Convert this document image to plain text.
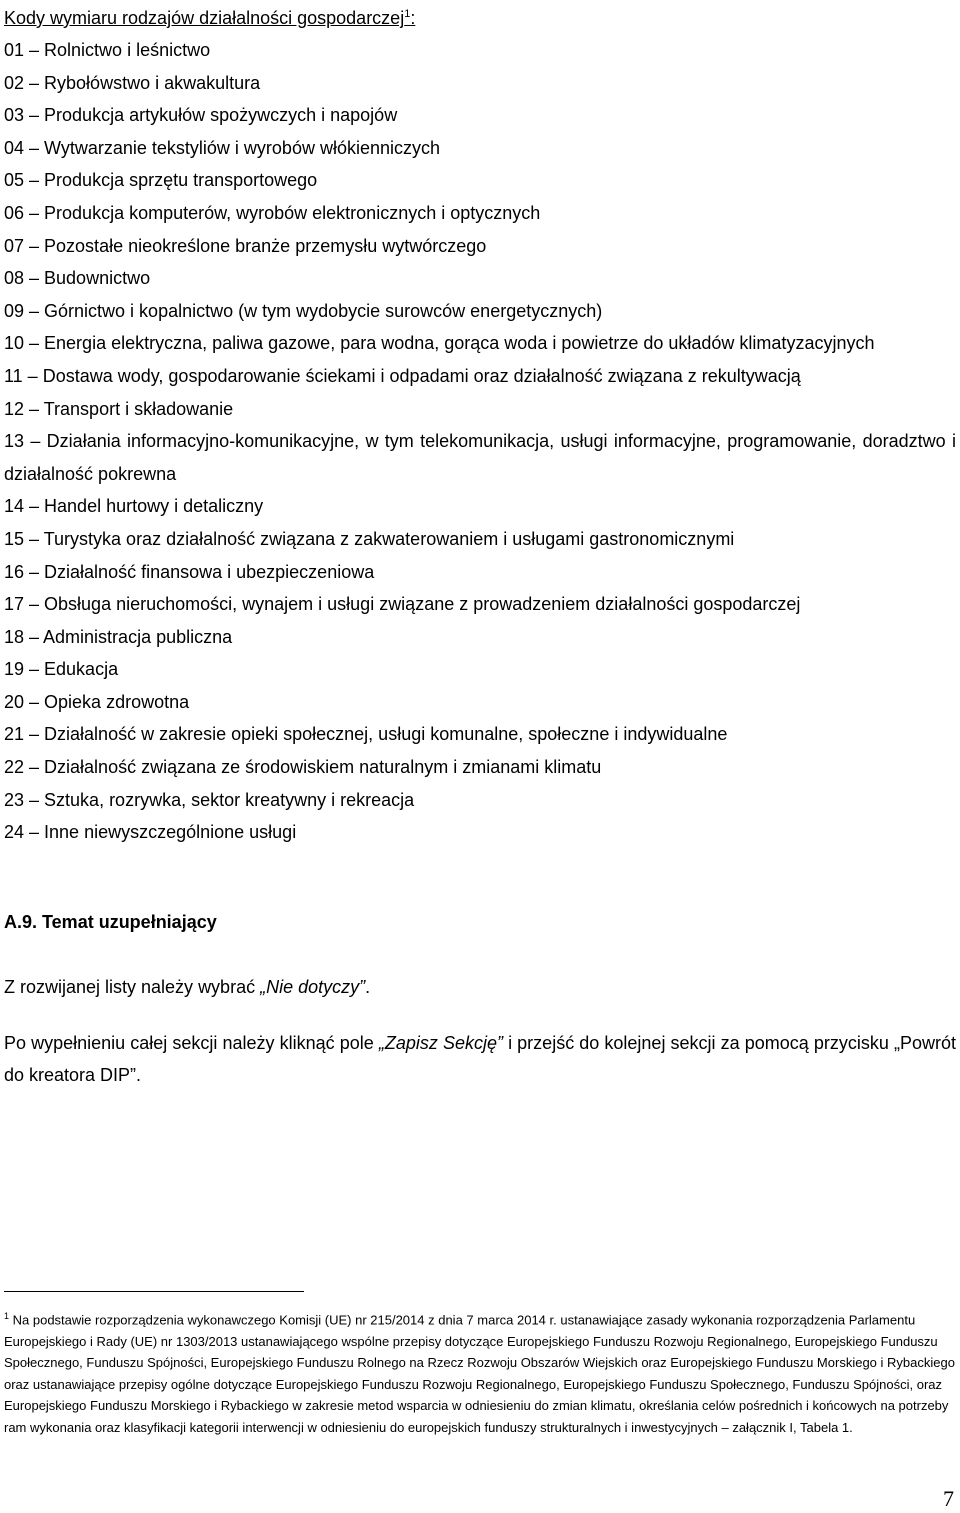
Kody wymiaru rodzajów działalności gospodarczej$^1$:
01 – Rolnictwo i leśnictwo
02 – Rybołówstwo i akwakultura
03 – Produkcja artykułów spożywczych i napojów
04 – Wytwarzanie tekstyliów i wyrobów włókienniczych
05 – Produkcja sprzętu transportowego
06 – Produkcja komputerów, wyrobów elektronicznych i optycznych
07 – Pozostałe nieokreślone branże przemysłu wytwórczego
08 – Budownictwo
09 – Górnictwo i kopalnictwo (w tym wydobycie surowców energetycznych)
10 – Energia elektryczna, paliwa gazowe, para wodna, gorąca woda i powietrze do układów klimatyzacyjnych
11 – Dostawa wody, gospodarowanie ściekami i odpadami oraz działalność związana z rekultywacją
12 – Transport i składowanie
13 – Działania informacyjno-komunikacyjne, w tym telekomunikacja, usługi informacyjne, programowanie, doradztwo i działalność pokrewna
14 – Handel hurtowy i detaliczny
15 – Turystyka oraz działalność związana z zakwaterowaniem i usługami gastronomicznymi
16 – Działalność finansowa i ubezpieczeniowa
17 – Obsługa nieruchomości, wynajem i usługi związane z prowadzeniem działalności gospodarczej
18 – Administracja publiczna
19 – Edukacja
20 – Opieka zdrowotna
21 – Działalność w zakresie opieki społecznej, usługi komunalne, społeczne i indywidualne
22 – Działalność związana ze środowiskiem naturalnym i zmianami klimatu
23 – Sztuka, rozrywka, sektor kreatywny i rekreacja
24 – Inne niewyszczególnione usługi
A.9. Temat uzupełniający
Z rozwijanej listy należy wybrać „Nie dotyczy”.
Po wypełnieniu całej sekcji należy kliknąć pole „Zapisz Sekcję” i przejść do kolejnej sekcji za pomocą przycisku „Powrót do kreatora DIP”.
$^1$ Na podstawie rozporządzenia wykonawczego Komisji (UE) nr 215/2014 z dnia 7 marca 2014 r. ustanawiające zasady wykonania rozporządzenia Parlamentu Europejskiego i Rady (UE) nr 1303/2013 ustanawiającego wspólne przepisy dotyczące Europejskiego Funduszu Rozwoju Regionalnego, Europejskiego Funduszu Społecznego, Funduszu Spójności, Europejskiego Funduszu Rolnego na Rzecz Rozwoju Obszarów Wiejskich oraz Europejskiego Funduszu Morskiego i Rybackiego oraz ustanawiające przepisy ogólne dotyczące Europejskiego Funduszu Rozwoju Regionalnego, Europejskiego Funduszu Społecznego, Funduszu Spójności, oraz Europejskiego Funduszu Morskiego i Rybackiego w zakresie metod wsparcia w odniesieniu do zmian klimatu, określania celów pośrednich i końcowych na potrzeby ram wykonania oraz klasyfikacji kategorii interwencji w odniesieniu do europejskich funduszy strukturalnych i inwestycyjnych – załącznik I, Tabela 1.
7
